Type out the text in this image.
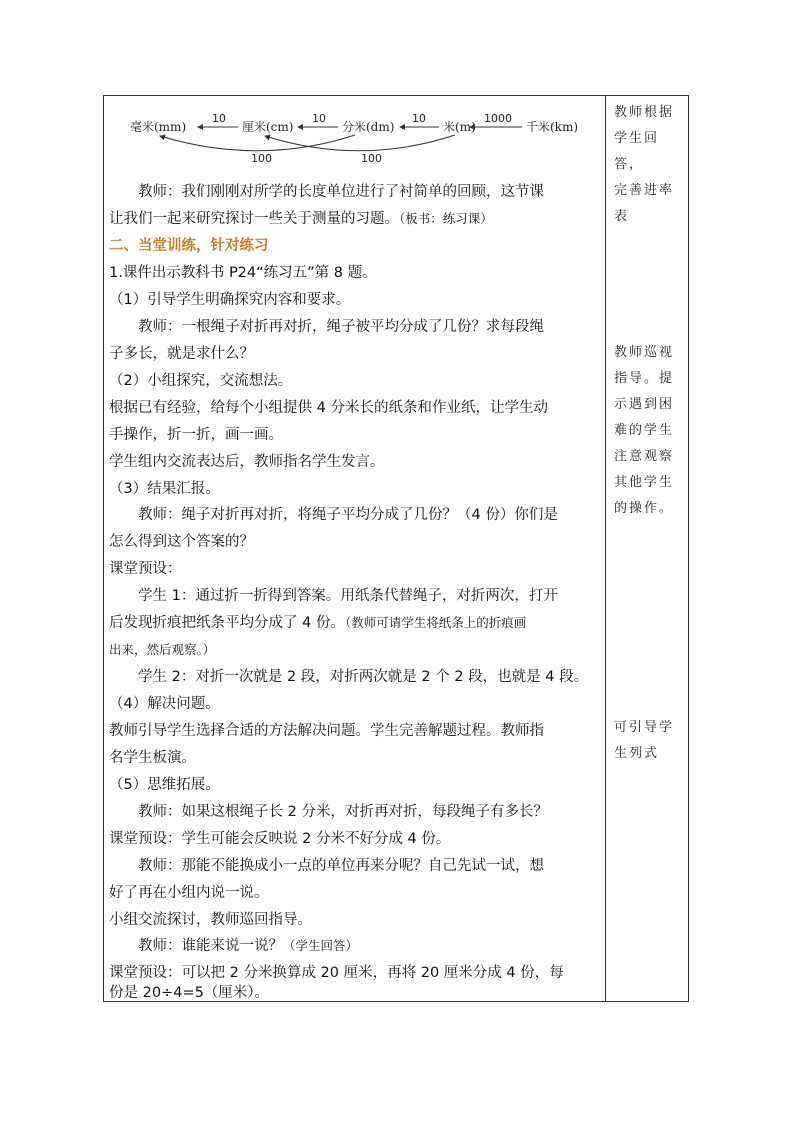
毫米(mm)	厘米(cm)	分米(dm)	米(m)	千米(km)
10	10	10	1000
100	100
教师：我们刚刚对所学的长度单位进行了衬简单的回顾，这节课
让我们一起来研究探讨一些关于测量的习题。（板书：练习课）
二、当堂训练，针对练习
1.课件出示教科书 P24“练习五”第 8 题。
（1）引导学生明确探究内容和要求。
教师：一根绳子对折再对折，绳子被平均分成了几份？求每段绳
子多长，就是求什么？
（2）小组探究，交流想法。
根据已有经验，给每个小组提供 4 分米长的纸条和作业纸，让学生动
手操作，折一折，画一画。
学生组内交流表达后，教师指名学生发言。
（3）结果汇报。
教师：绳子对折再对折，将绳子平均分成了几份？（4 份）你们是
怎么得到这个答案的？
课堂预设：
学生 1：通过折一折得到答案。用纸条代替绳子，对折两次，打开
后发现折痕把纸条平均分成了 4 份。（教师可请学生将纸条上的折痕画
出来，然后观察。）
学生 2：对折一次就是 2 段，对折两次就是 2 个 2 段，也就是 4 段。
（4）解决问题。
教师引导学生选择合适的方法解决问题。学生完善解题过程。教师指
名学生板演。
（5）思维拓展。
教师：如果这根绳子长 2 分米，对折再对折，每段绳子有多长？
课堂预设：学生可能会反映说 2 分米不好分成 4 份。
教师：那能不能换成小一点的单位再来分呢？自己先试一试，想
好了再在小组内说一说。
小组交流探讨，教师巡回指导。
教师：谁能来说一说？（学生回答）
课堂预设：可以把 2 分米换算成 20 厘米，再将 20 厘米分成 4 份，每
教师根据
学生回答，
完善进率
表
教师巡视
指导。提
示遇到困
难的学生
注意观察
其他学生
的操作。
可引导学
生列式
份是 20÷4=5（厘米）。
